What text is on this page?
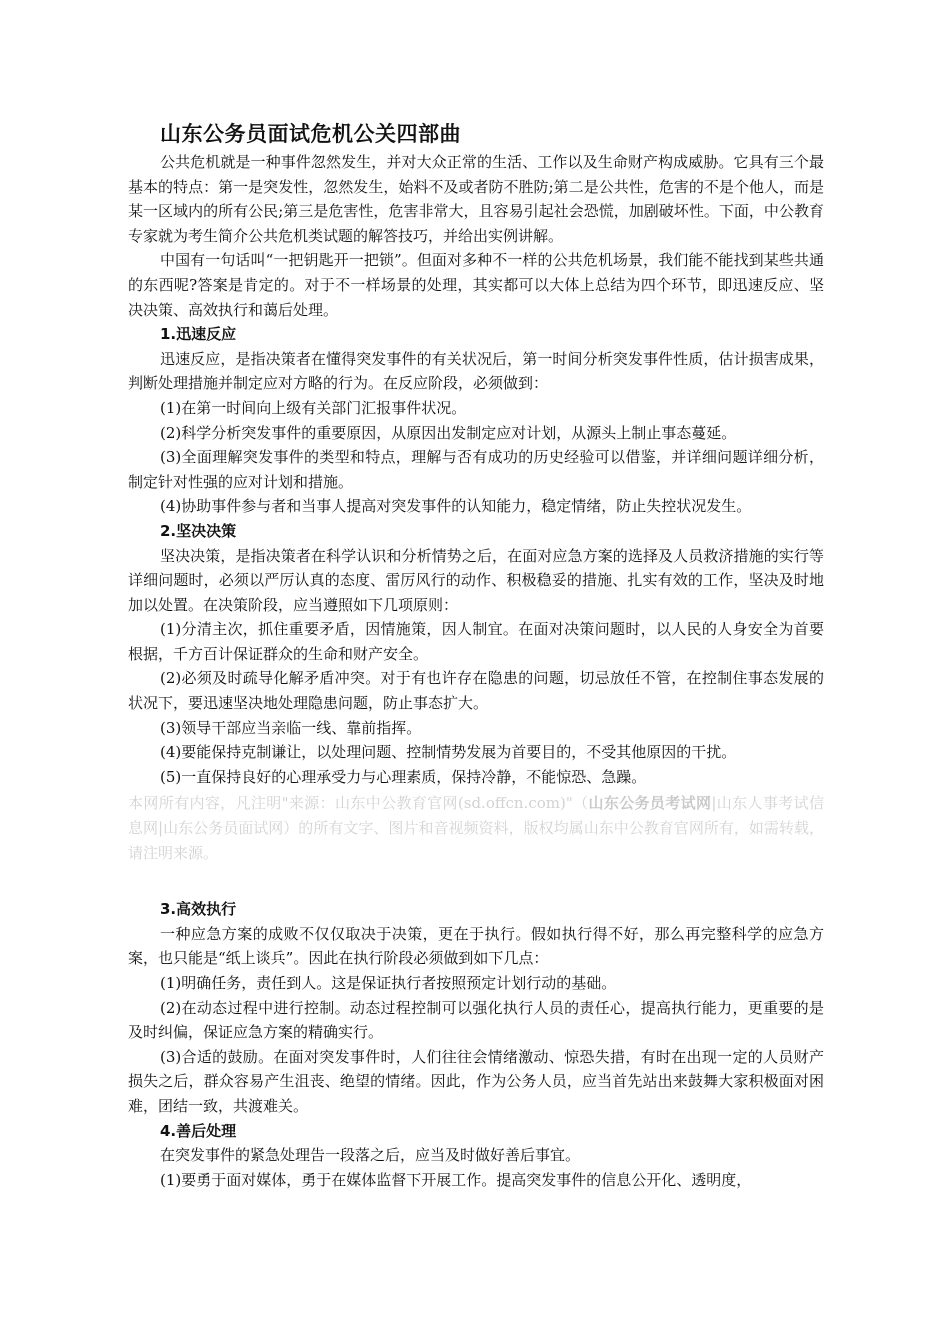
山东公务员面试危机公关四部曲

公共危机就是一种事件忽然发生，并对大众正常的生活、工作以及生命财产构成威胁。它具有三个最基本的特点：第一是突发性，忽然发生，始料不及或者防不胜防;第二是公共性，危害的不是个他人，而是某一区域内的所有公民;第三是危害性，危害非常大，且容易引起社会恐慌，加剧破坏性。下面，中公教育专家就为考生简介公共危机类试题的解答技巧，并给出实例讲解。

中国有一句话叫“一把钥匙开一把锁”。但面对多种不一样的公共危机场景，我们能不能找到某些共通的东西呢?答案是肯定的。对于不一样场景的处理，其实都可以大体上总结为四个环节，即迅速反应、坚决决策、高效执行和蔼后处理。

1.迅速反应

迅速反应，是指决策者在懂得突发事件的有关状况后，第一时间分析突发事件性质，估计损害成果，判断处理措施并制定应对方略的行为。在反应阶段，必须做到：

(1)在第一时间向上级有关部门汇报事件状况。

(2)科学分析突发事件的重要原因，从原因出发制定应对计划，从源头上制止事态蔓延。

(3)全面理解突发事件的类型和特点，理解与否有成功的历史经验可以借鉴，并详细问题详细分析，制定针对性强的应对计划和措施。

(4)协助事件参与者和当事人提高对突发事件的认知能力，稳定情绪，防止失控状况发生。

2.坚决决策

坚决决策，是指决策者在科学认识和分析情势之后，在面对应急方案的选择及人员救济措施的实行等详细问题时，必须以严厉认真的态度、雷厉风行的动作、积极稳妥的措施、扎实有效的工作，坚决及时地加以处置。在决策阶段，应当遵照如下几项原则：

(1)分清主次，抓住重要矛盾，因情施策，因人制宜。在面对决策问题时，以人民的人身安全为首要根据，千方百计保证群众的生命和财产安全。

(2)必须及时疏导化解矛盾冲突。对于有也许存在隐患的问题，切忌放任不管，在控制住事态发展的状况下，要迅速坚决地处理隐患问题，防止事态扩大。

(3)领导干部应当亲临一线、靠前指挥。

(4)要能保持克制谦让，以处理问题、控制情势发展为首要目的，不受其他原因的干扰。

(5)一直保持良好的心理承受力与心理素质，保持冷静，不能惊恐、急躁。

本网所有内容，凡注明"来源：山东中公教育官网(sd.offcn.com)"（山东公务员考试网|山东人事考试信息网|山东公务员面试网）的所有文字、图片和音视频资料，版权均属山东中公教育官网所有，如需转载，请注明来源。

3.高效执行

一种应急方案的成败不仅仅取决于决策，更在于执行。假如执行得不好，那么再完整科学的应急方案，也只能是“纸上谈兵”。因此在执行阶段必须做到如下几点：

(1)明确任务，责任到人。这是保证执行者按照预定计划行动的基础。

(2)在动态过程中进行控制。动态过程控制可以强化执行人员的责任心，提高执行能力，更重要的是及时纠偏，保证应急方案的精确实行。

(3)合适的鼓励。在面对突发事件时，人们往往会情绪激动、惊恐失措，有时在出现一定的人员财产损失之后，群众容易产生沮丧、绝望的情绪。因此，作为公务人员，应当首先站出来鼓舞大家积极面对困难，团结一致，共渡难关。

4.善后处理

在突发事件的紧急处理告一段落之后，应当及时做好善后事宜。

(1)要勇于面对媒体，勇于在媒体监督下开展工作。提高突发事件的信息公开化、透明度，
